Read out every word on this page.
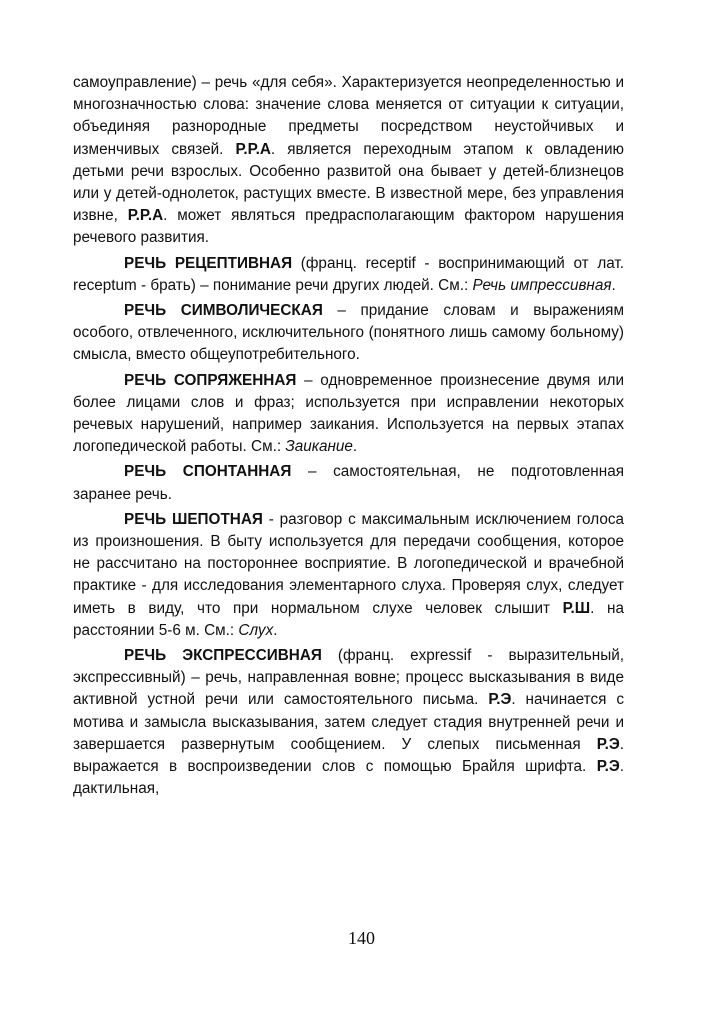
самоуправление) – речь «для себя». Характеризуется неопределенностью и многозначностью слова: значение слова меняется от ситуации к ситуации, объединяя разнородные предметы посредством неустойчивых и изменчивых связей. Р.Р.А. является переходным этапом к овладению детьми речи взрослых. Особенно развитой она бывает у детей-близнецов или у детей-однолеток, растущих вместе. В известной мере, без управления извне, Р.Р.А. может являться предрасполагающим фактором нарушения речевого развития.

РЕЧЬ РЕЦЕПТИВНАЯ (франц. receptif - воспринимающий от лат. receptum - брать) – понимание речи других людей. См.: Речь импрессивная.

РЕЧЬ СИМВОЛИЧЕСКАЯ – придание словам и выражениям особого, отвлеченного, исключительного (понятного лишь самому больному) смысла, вместо общеупотребительного.

РЕЧЬ СОПРЯЖЕННАЯ – одновременное произнесение двумя или более лицами слов и фраз; используется при исправлении некоторых речевых нарушений, например заикания. Используется на первых этапах логопедической работы. См.: Заикание.

РЕЧЬ СПОНТАННАЯ – самостоятельная, не подготовленная заранее речь.

РЕЧЬ ШЕПОТНАЯ - разговор с максимальным исключением голоса из произношения. В быту используется для передачи сообщения, которое не рассчитано на постороннее восприятие. В логопедической и врачебной практике - для исследования элементарного слуха. Проверяя слух, следует иметь в виду, что при нормальном слухе человек слышит Р.Ш. на расстоянии 5-6 м. См.: Слух.

РЕЧЬ ЭКСПРЕССИВНАЯ (франц. expressif - выразительный, экспрессивный) – речь, направленная вовне; процесс высказывания в виде активной устной речи или самостоятельного письма. Р.Э. начинается с мотива и замысла высказывания, затем следует стадия внутренней речи и завершается развернутым сообщением. У слепых письменная Р.Э. выражается в воспроизведении слов с помощью Брайля шрифта. Р.Э. дактильная,

140
